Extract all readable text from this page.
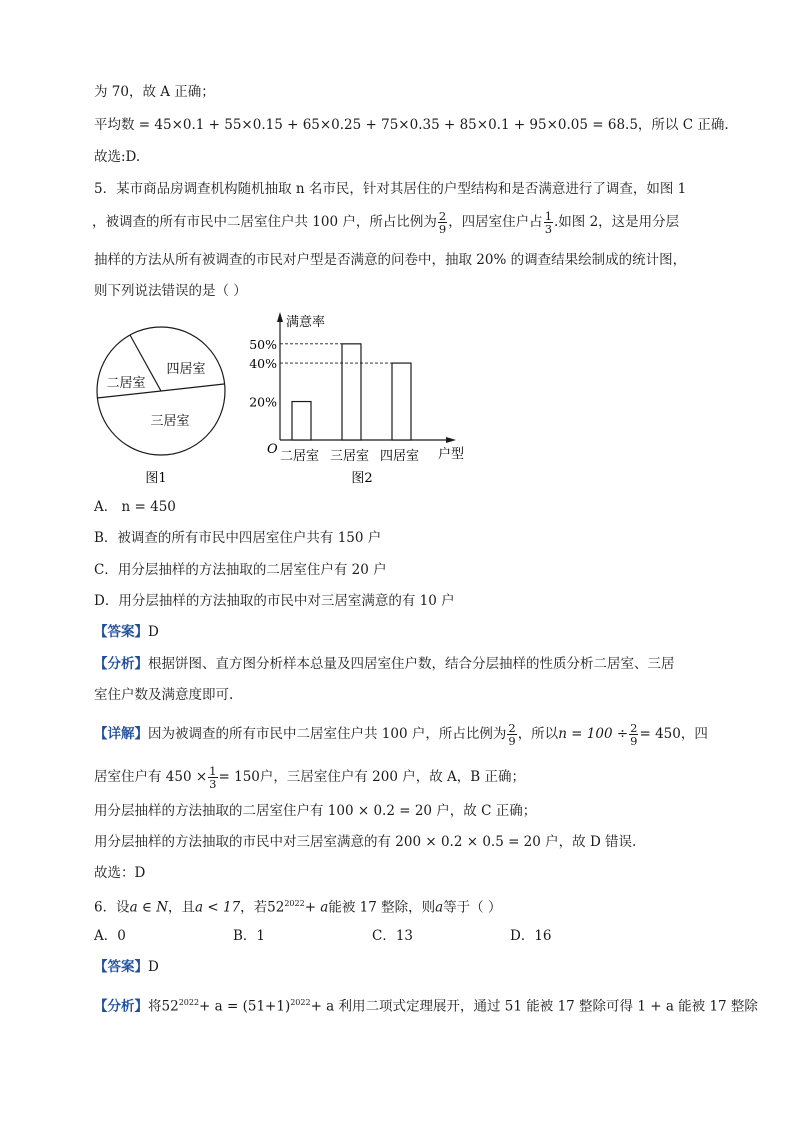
为 70，故 A 正确；
平均数 = 45×0.1 + 55×0.15 + 65×0.25 + 75×0.35 + 85×0.1 + 95×0.05 = 68.5，所以 C 正确.
故选:D.
5．某市商品房调查机构随机抽取 n 名市民，针对其居住的户型结构和是否满意进行了调查，如图 1
，被调查的所有市民中二居室住户共 100 户，所占比例为 $\frac{2}{9}$ ，四居室住户占 $\frac{1}{3}$ .如图 2，这是用分层
抽样的方法从所有被调查的市民对户型是否满意的问卷中，抽取 20% 的调查结果绘制成的统计图，
则下列说法错误的是（ ）
四居室
二居室
三居室
图1
二居室 三居室 四居室
20%
40%
50%
满意率
户型
O
图2
A． n = 450
B．被调查的所有市民中四居室住户共有 150 户
C．用分层抽样的方法抽取的二居室住户有 20 户
D．用分层抽样的方法抽取的市民中对三居室满意的有 10 户
【答案】D
【分析】根据饼图、直方图分析样本总量及四居室住户数，结合分层抽样的性质分析二居室、三居
室住户数及满意度即可.
【详解】因为被调查的所有市民中二居室住户共 100 户，所占比例为 $\frac{2}{9}$ ，所以$n = 100 \div \frac{2}{9} = 450$，四
居室住户有 $450 \times \frac{1}{3} = 150$户，三居室住户有 200 户，故 A，B 正确；
用分层抽样的方法抽取的二居室住户有 100 × 0.2 = 20 户，故 C 正确；
用分层抽样的方法抽取的市民中对三居室满意的有 200 × 0.2 × 0.5 = 20 户，故 D 错误.
故选：D
6．设a ∈ N，且a < 17，若$52^{2022}+ a$能被 17 整除，则a等于（ ）
A．0	B．1	C．13	D．16
【答案】D
【分析】将$52^{2022}+ a = (51+1)^{2022}+ a$ 利用二项式定理展开，通过 51 能被 17 整除可得 1 + a 能被 17 整除
